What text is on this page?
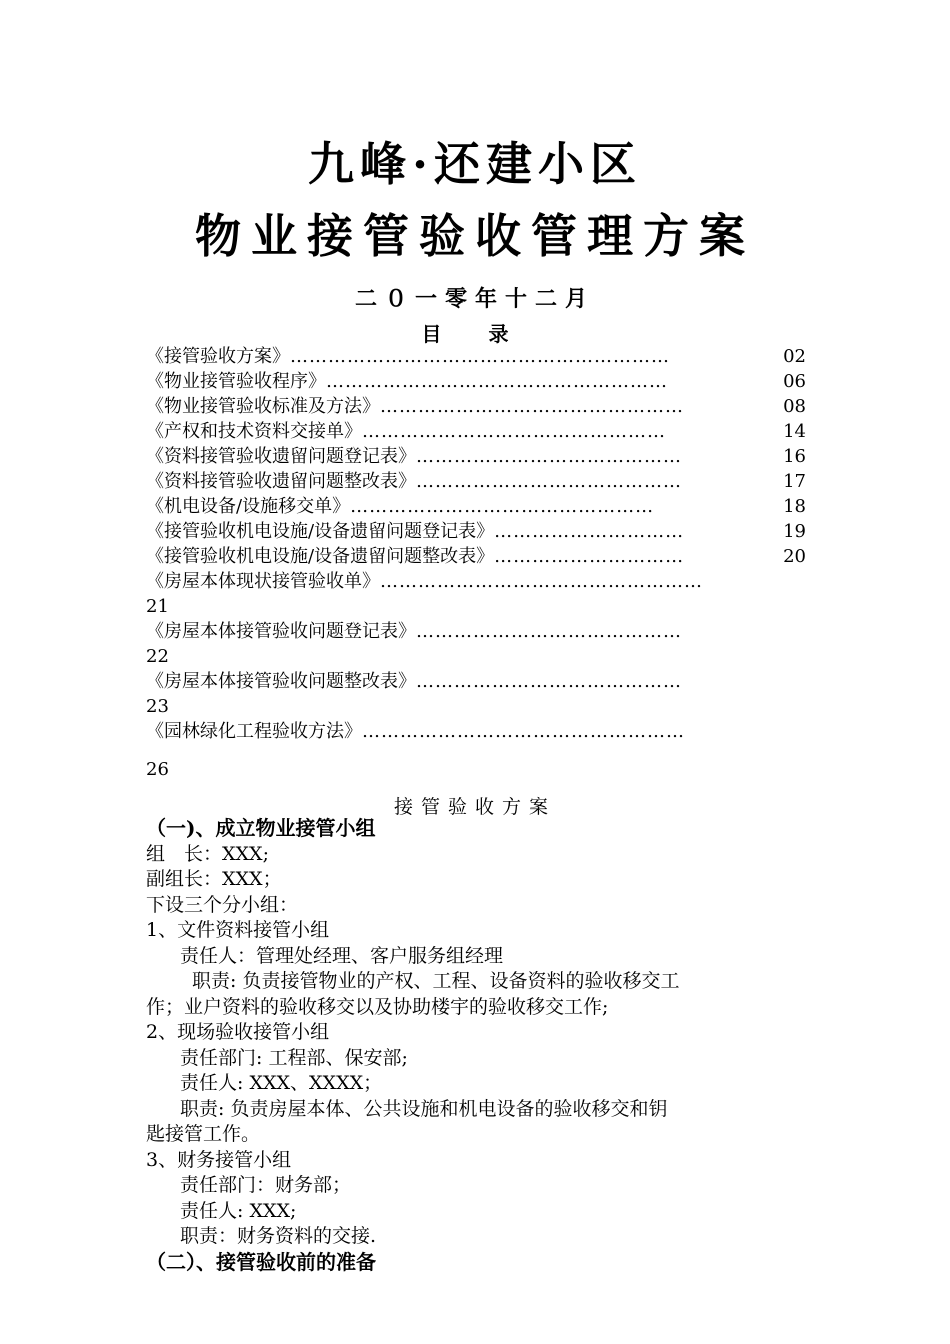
九峰·还建小区
物业接管验收管理方案
二０一零年十二月
目 录
《接管验收方案》 ……………………………………………………	02
《物业接管验收程序》 ………………………………………………	06
《物业接管验收标准及方法》 …………………………………………	08
《产权和技术资料交接单》 …………………………………………	14
《资料接管验收遗留问题登记表》 ……………………………………	16
《资料接管验收遗留问题整改表》 ……………………………………	17
《机电设备/设施移交单》 …………………………………………	18
《接管验收机电设施/设备遗留问题登记表》 …………………………	19
《接管验收机电设施/设备遗留问题整改表》 …………………………	20
《房屋本体现状接管验收单》 ……………………………………………
21
《房屋本体接管验收问题登记表》 ……………………………………
22
《房屋本体接管验收问题整改表》 ……………………………………
23
《园林绿化工程验收方法》 ……………………………………………
26
接管验收方案

（一)、成立物业接管小组

组　长：XXX;

副组长：XXX；

下设三个分小组：

1、文件资料接管小组

责任人：管理处经理、客户服务组经理

职责: 负责接管物业的产权、工程、设备资料的验收移交工

作；业户资料的验收移交以及协助楼宇的验收移交工作;

2、现场验收接管小组

责任部门: 工程部、保安部;

责任人: XXX、XXXX；

职责: 负责房屋本体、公共设施和机电设备的验收移交和钥

匙接管工作。

3、财务接管小组

责任部门：财务部；

责任人: XXX;

职责：财务资料的交接.

（二）、接管验收前的准备
